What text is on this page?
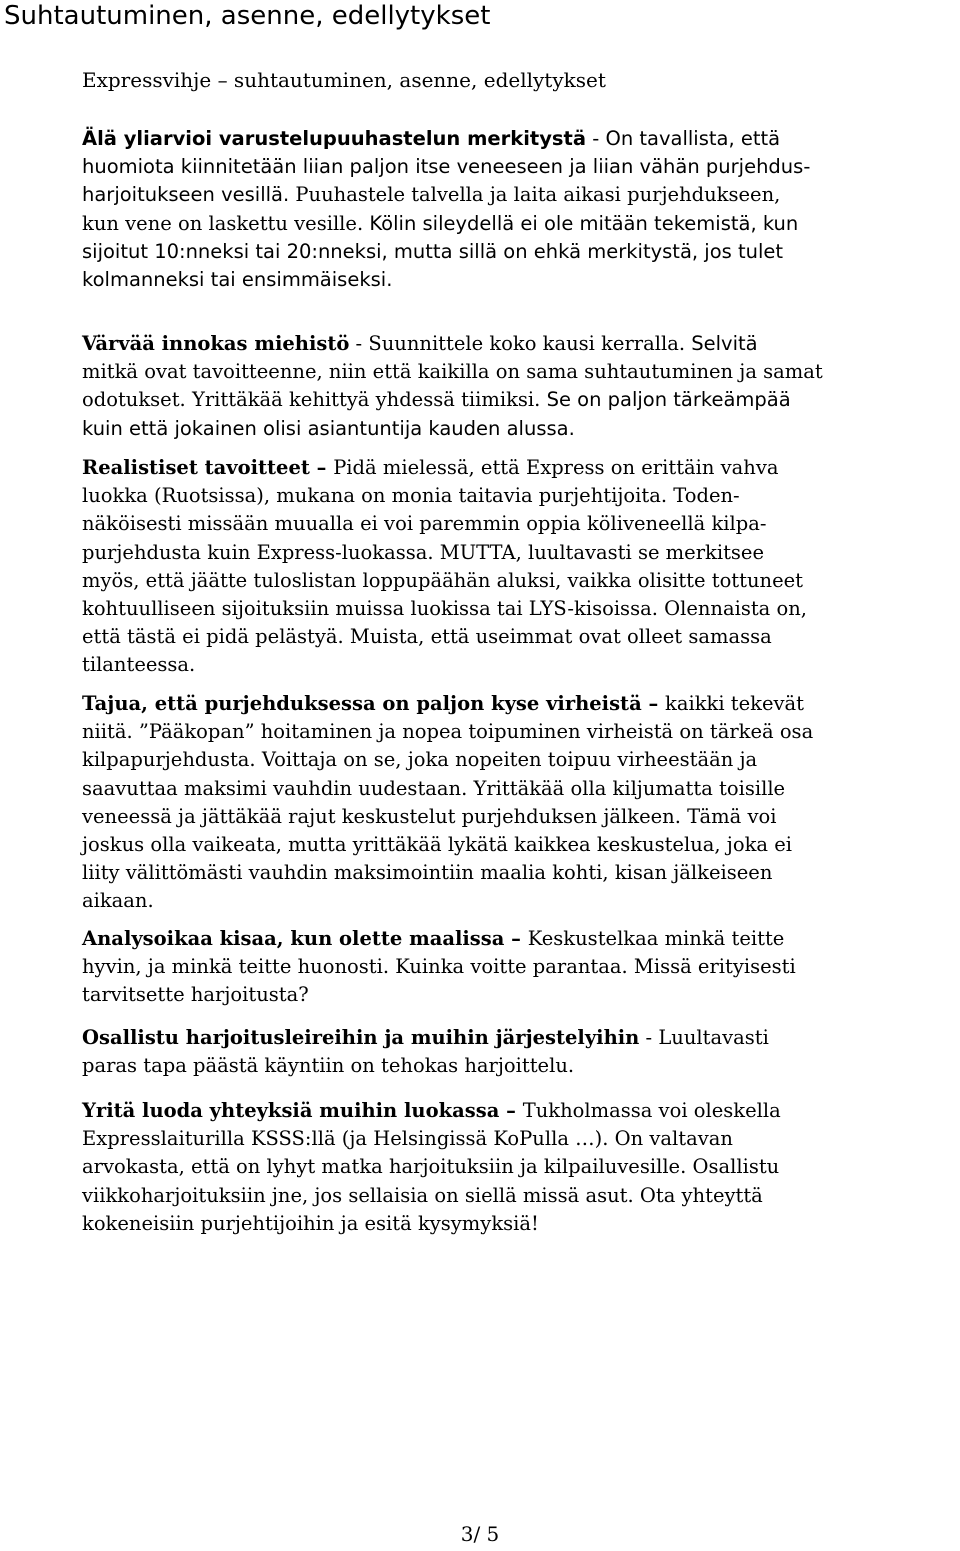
Suhtautuminen, asenne, edellytykset
Expressvihje – suhtautuminen, asenne, edellytykset
Älä yliarvioi varustelupuuhastelun merkitystä - On tavallista, että
huomiota kiinnitetään liian paljon itse veneeseen ja liian vähän purjehdus-
harjoitukseen vesillä. Puuhastele talvella ja laita aikasi purjehdukseen,
kun vene on laskettu vesille. Kölin sileydellä ei ole mitään tekemistä, kun
sijoitut 10:nneksi tai 20:nneksi, mutta sillä on ehkä merkitystä, jos tulet
kolmanneksi tai ensimmäiseksi.
Värvää innokas miehistö - Suunnittele koko kausi kerralla. Selvitä
mitkä ovat tavoitteenne, niin että kaikilla on sama suhtautuminen ja samat
odotukset. Yrittäkää kehittyä yhdessä tiimiksi. Se on paljon tärkeämpää
kuin että jokainen olisi asiantuntija kauden alussa.
Realistiset tavoitteet – Pidä mielessä, että Express on erittäin vahva
luokka (Ruotsissa), mukana on monia taitavia purjehtijoita. Toden-
näköisesti missään muualla ei voi paremmin oppia köliveneellä kilpa-
purjehdusta kuin Express-luokassa. MUTTA, luultavasti se merkitsee
myös, että jäätte tuloslistan loppupäähän aluksi, vaikka olisitte tottuneet
kohtuulliseen sijoituksiin muissa luokissa tai LYS-kisoissa. Olennaista on,
että tästä ei pidä pelästyä. Muista, että useimmat ovat olleet samassa
tilanteessa.
Tajua, että purjehduksessa on paljon kyse virheistä – kaikki tekevät
niitä. ”Pääkopan” hoitaminen ja nopea toipuminen virheistä on tärkeä osa
kilpapurjehdusta. Voittaja on se, joka nopeiten toipuu virheestään ja
saavuttaa maksimi vauhdin uudestaan. Yrittäkää olla kiljumatta toisille
veneessä ja jättäkää rajut keskustelut purjehduksen jälkeen. Tämä voi
joskus olla vaikeata, mutta yrittäkää lykätä kaikkea keskustelua, joka ei
liity välittömästi vauhdin maksimointiin maalia kohti, kisan jälkeiseen
aikaan.
Analysoikaa kisaa, kun olette maalissa – Keskustelkaa minkä teitte
hyvin, ja minkä teitte huonosti. Kuinka voitte parantaa. Missä erityisesti
tarvitsette harjoitusta?
Osallistu harjoitusleireihin ja muihin järjestelyihin - Luultavasti
paras tapa päästä käyntiin on tehokas harjoittelu.
Yritä luoda yhteyksiä muihin luokassa – Tukholmassa voi oleskella
Expresslaiturilla KSSS:llä (ja Helsingissä KoPulla …). On valtavan
arvokasta, että on lyhyt matka harjoituksiin ja kilpailuvesille. Osallistu
viikkoharjoituksiin jne, jos sellaisia on siellä missä asut. Ota yhteyttä
kokeneisiin purjehtijoihin ja esitä kysymyksiä!
3/ 5
